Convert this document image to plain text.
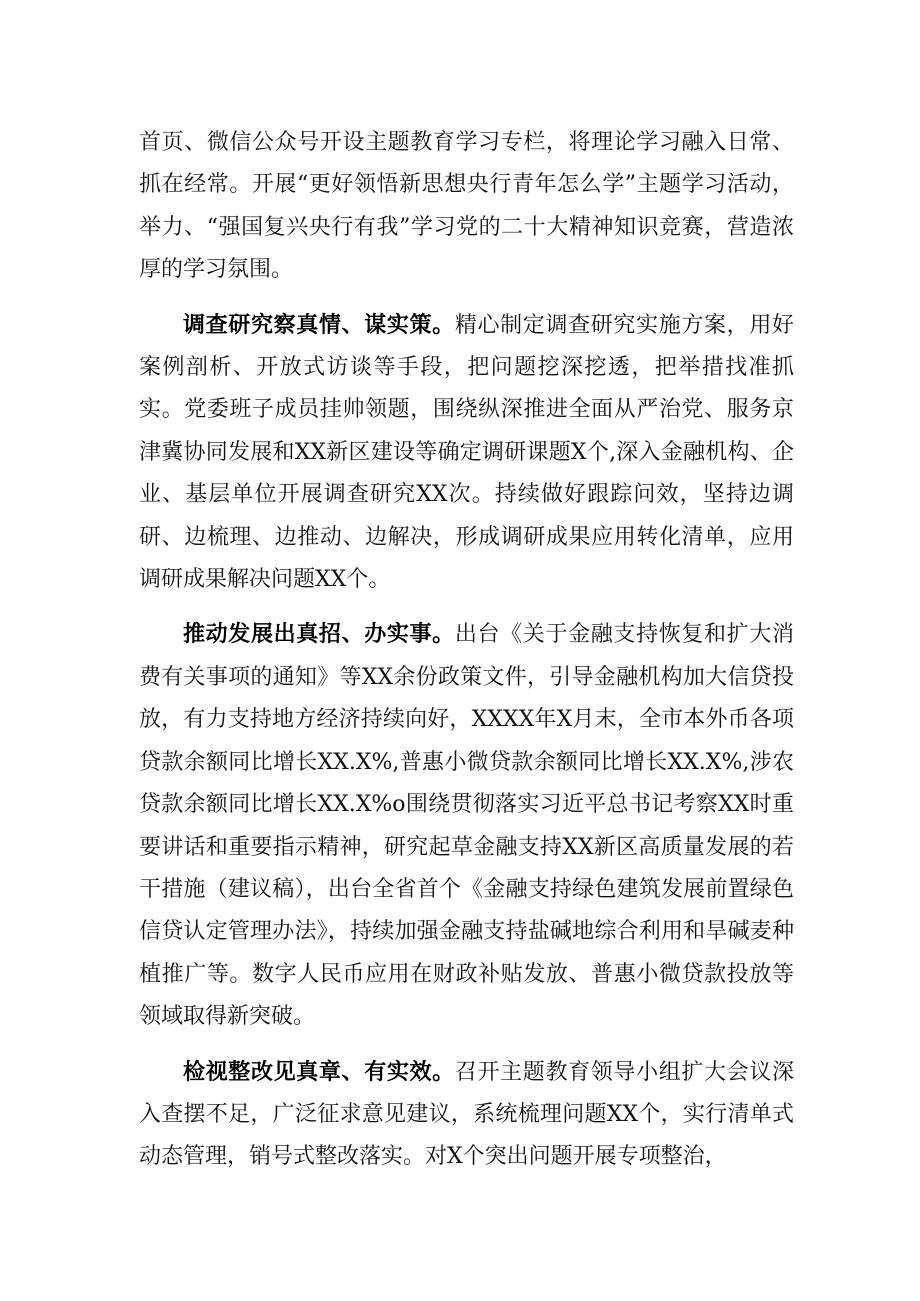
首页、微信公众号开设主题教育学习专栏，将理论学习融入日常、抓在经常。开展“更好领悟新思想央行青年怎么学”主题学习活动，举力、“强国复兴央行有我”学习党的二十大精神知识竞赛，营造浓厚的学习氛围。

调查研究察真情、谋实策。精心制定调查研究实施方案，用好案例剖析、开放式访谈等手段，把问题挖深挖透，把举措找准抓实。党委班子成员挂帅领题，围绕纵深推进全面从严治党、服务京津冀协同发展和XX新区建设等确定调研课题X个,深入金融机构、企业、基层单位开展调查研究XX次。持续做好跟踪问效，坚持边调研、边梳理、边推动、边解决，形成调研成果应用转化清单，应用调研成果解决问题XX个。

推动发展出真招、办实事。出台《关于金融支持恢复和扩大消费有关事项的通知》等XX余份政策文件，引导金融机构加大信贷投放，有力支持地方经济持续向好，XXXX年X月末，全市本外币各项贷款余额同比增长XX.X%,普惠小微贷款余额同比增长XX.X%,涉农贷款余额同比增长XX.X%o围绕贯彻落实习近平总书记考察XX时重要讲话和重要指示精神，研究起草金融支持XX新区高质量发展的若干措施（建议稿），出台全省首个《金融支持绿色建筑发展前置绿色信贷认定管理办法》，持续加强金融支持盐碱地综合利用和旱碱麦种植推广等。数字人民币应用在财政补贴发放、普惠小微贷款投放等领域取得新突破。

检视整改见真章、有实效。召开主题教育领导小组扩大会议深入查摆不足，广泛征求意见建议，系统梳理问题XX个，实行清单式动态管理，销号式整改落实。对X个突出问题开展专项整治，
